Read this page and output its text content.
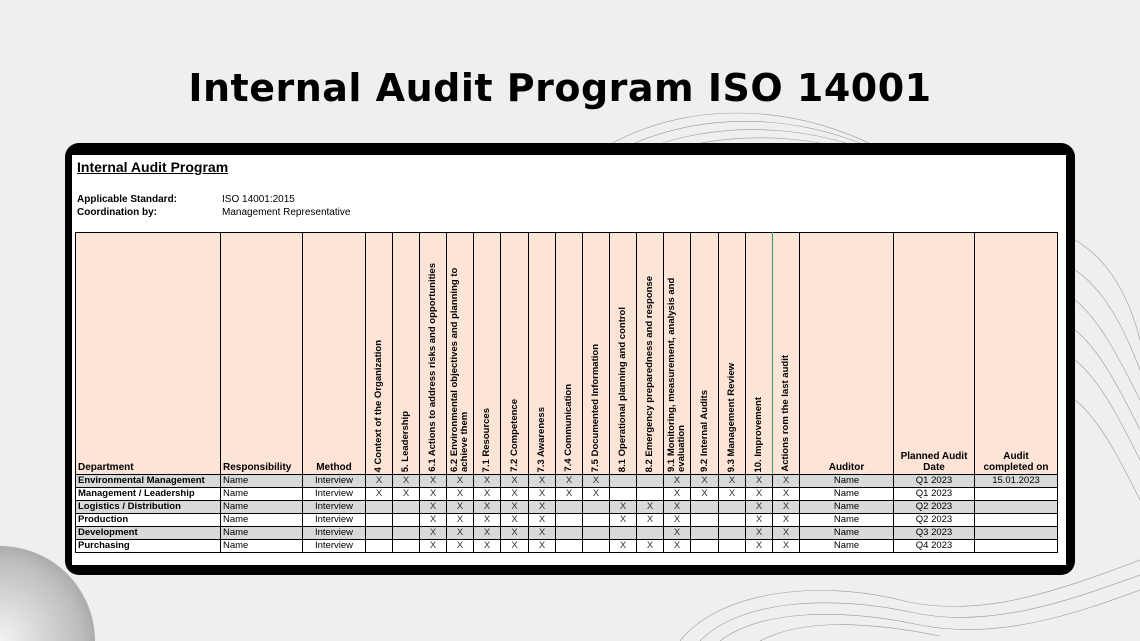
Internal Audit Program ISO 14001
Internal Audit Program
Applicable Standard:	ISO 14001:2015
Coordination by:	Management Representative
Department	Responsibility	Method	4 Context of the Organization	5. Leadership	6.1 Actions to address risks and opportunities	6.2 Environmental objectives and planning to achieve them	7.1 Resources	7.2 Competence	7.3 Awareness	7.4 Communication	7.5 Documented Information	8.1 Operational planning and control	8.2 Emergency preparedness and response	9.1 Monitoring, measurement, analysis and evaluation	9.2 Internal Audits	9.3 Management Review	10. Improvement	Actions rom the last audit	Auditor	Planned Audit Date	Audit completed on
Environmental Management	Name	Interview	X	X	X	X	X	X	X	X	X			X	X	X	X	X	Name	Q1 2023	15.01.2023
Management / Leadership	Name	Interview	X	X	X	X	X	X	X	X	X			X	X	X	X	X	Name	Q1 2023	
Logistics / Distribution	Name	Interview			X	X	X	X	X			X	X	X			X	X	Name	Q2 2023	
Production	Name	Interview			X	X	X	X	X			X	X	X			X	X	Name	Q2 2023	
Development	Name	Interview			X	X	X	X	X					X			X	X	Name	Q3 2023	
Purchasing	Name	Interview			X	X	X	X	X			X	X	X			X	X	Name	Q4 2023	
